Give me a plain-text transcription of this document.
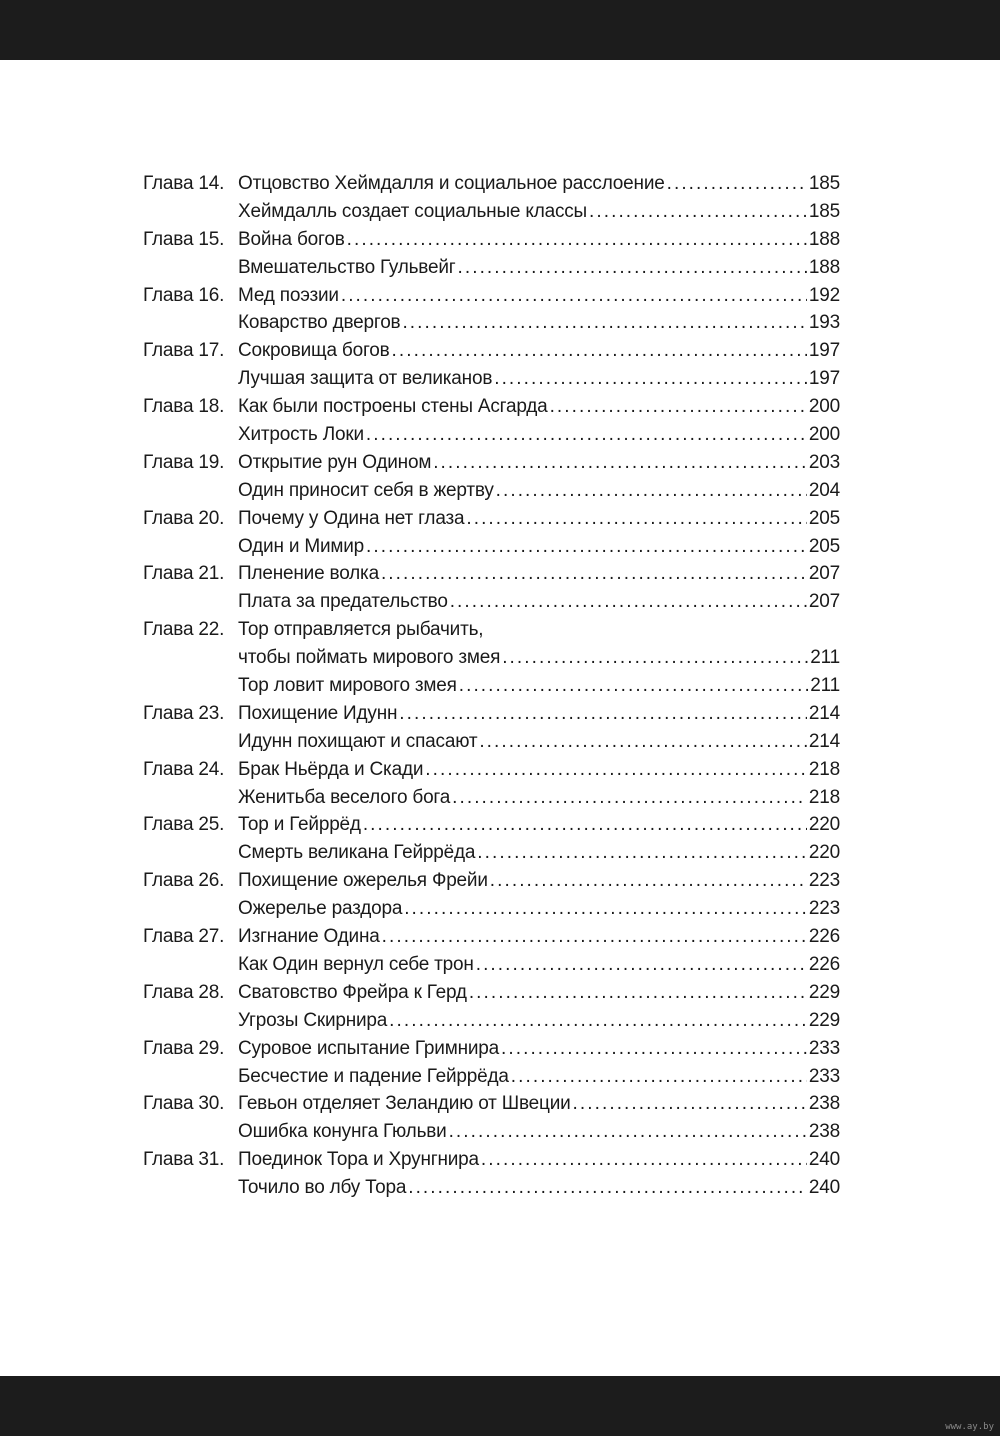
Глава 14. Отцовство Хеймдалля и социальное расслоение . . .	185
Хеймдалль создает социальные классы . . .	185
Глава 15. Война богов . . .	188
Вмешательство Гульвейг . . .	188
Глава 16. Мед поэзии . . .	192
Коварство двергов . . .	193
Глава 17. Сокровища богов . . .	197
Лучшая защита от великанов . . .	197
Глава 18. Как были построены стены Асгарда . . .	200
Хитрость Локи . . .	200
Глава 19. Открытие рун Одином . . .	203
Один приносит себя в жертву . . .	204
Глава 20. Почему у Одина нет глаза . . .	205
Один и Мимир . . .	205
Глава 21. Пленение волка . . .	207
Плата за предательство . . .	207
Глава 22. Тор отправляется рыбачить,
чтобы поймать мирового змея . . .	211
Тор ловит мирового змея . . .	211
Глава 23. Похищение Идунн . . .	214
Идунн похищают и спасают . . .	214
Глава 24. Брак Ньёрда и Скади . . .	218
Женитьба веселого бога . . .	218
Глава 25. Тор и Гейррёд . . .	220
Смерть великана Гейррёда . . .	220
Глава 26. Похищение ожерелья Фрейи . . .	223
Ожерелье раздора . . .	223
Глава 27. Изгнание Одина . . .	226
Как Один вернул себе трон . . .	226
Глава 28. Сватовство Фрейра к Герд . . .	229
Угрозы Скирнира . . .	229
Глава 29. Суровое испытание Гримнира . . .	233
Бесчестие и падение Гейррёда . . .	233
Глава 30. Гевьон отделяет Зеландию от Швеции . . .	238
Ошибка конунга Гюльви . . .	238
Глава 31. Поединок Тора и Хрунгнира . . .	240
Точило во лбу Тора . . .	240
www.ay.by
